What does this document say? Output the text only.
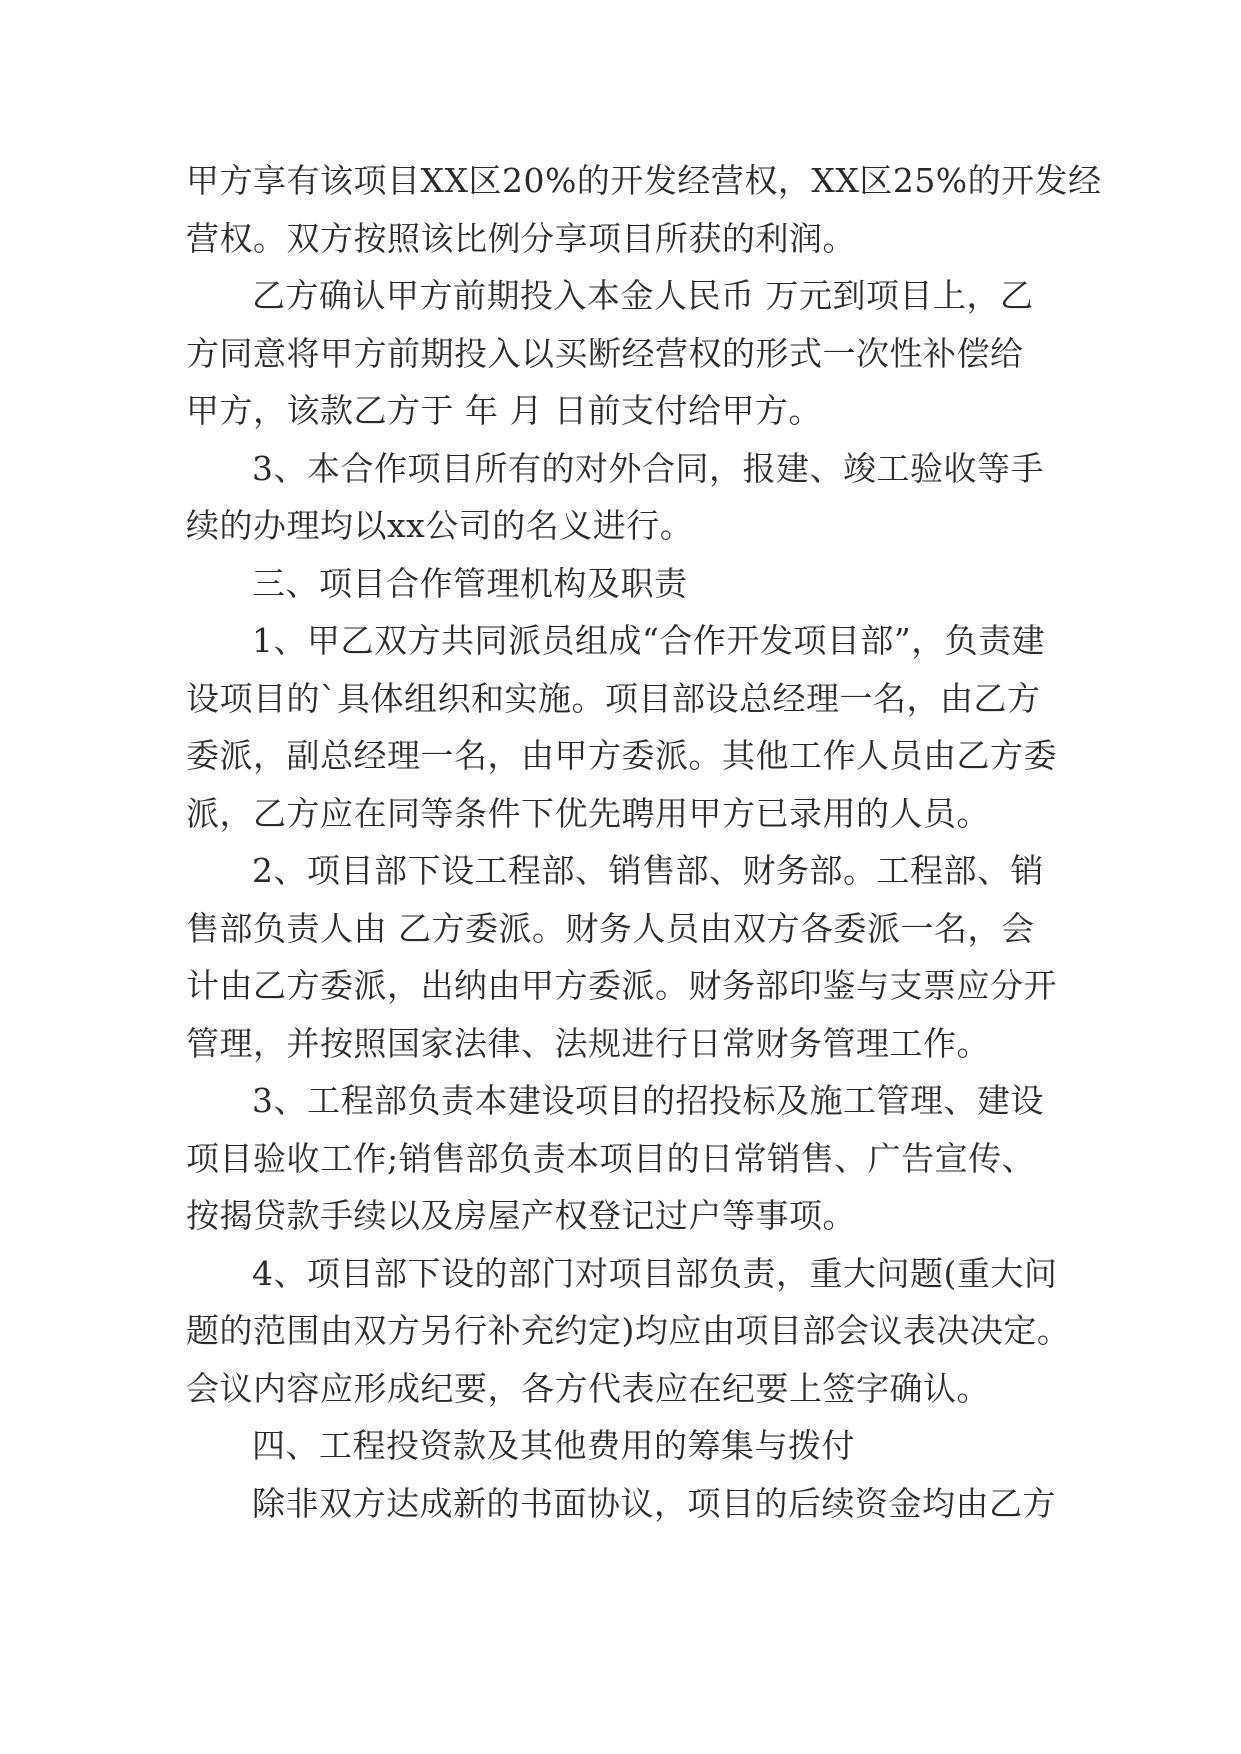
甲方享有该项目XX区20%的开发经营权，XX区25%的开发经
营权。双方按照该比例分享项目所获的利润。
乙方确认甲方前期投入本金人民币 万元到项目上，乙
方同意将甲方前期投入以买断经营权的形式一次性补偿给
甲方，该款乙方于 年 月 日前支付给甲方。
3、本合作项目所有的对外合同，报建、竣工验收等手
续的办理均以xx公司的名义进行。
三、项目合作管理机构及职责
1、甲乙双方共同派员组成“合作开发项目部”，负责建
设项目的`具体组织和实施。项目部设总经理一名，由乙方
委派，副总经理一名，由甲方委派。其他工作人员由乙方委
派，乙方应在同等条件下优先聘用甲方已录用的人员。
2、项目部下设工程部、销售部、财务部。工程部、销
售部负责人由 乙方委派。财务人员由双方各委派一名，会
计由乙方委派，出纳由甲方委派。财务部印鉴与支票应分开
管理，并按照国家法律、法规进行日常财务管理工作。
3、工程部负责本建设项目的招投标及施工管理、建设
项目验收工作;销售部负责本项目的日常销售、广告宣传、
按揭贷款手续以及房屋产权登记过户等事项。
4、项目部下设的部门对项目部负责，重大问题(重大问
题的范围由双方另行补充约定)均应由项目部会议表决决定。
会议内容应形成纪要，各方代表应在纪要上签字确认。
四、工程投资款及其他费用的筹集与拨付
除非双方达成新的书面协议，项目的后续资金均由乙方
